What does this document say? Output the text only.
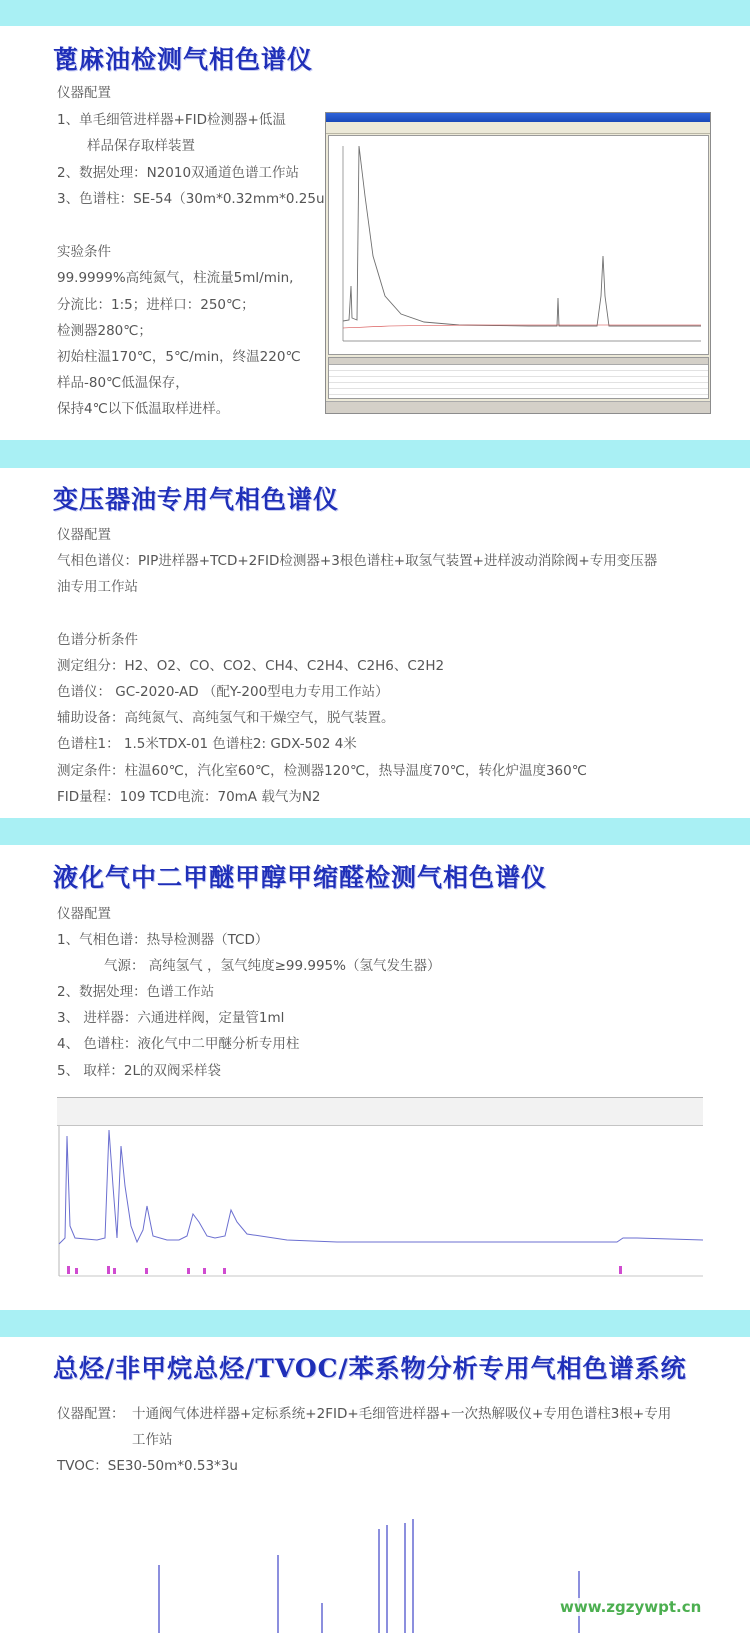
蓖麻油检测气相色谱仪
仪器配置
1、单毛细管进样器+FID检测器+低温
样品保存取样装置
2、数据处理：N2010双通道色谱工作站
3、色谱柱：SE-54（30m*0.32mm*0.25u
实验条件
99.9999%高纯氮气，柱流量5ml/min,
分流比：1:5；进样口：250℃；
检测器280℃；
初始柱温170℃，5℃/min，终温220℃
样品-80℃低温保存，
保持4℃以下低温取样进样。
变压器油专用气相色谱仪
仪器配置
气相色谱仪：PIP进样器+TCD+2FID检测器+3根色谱柱+取氢气装置+进样波动消除阀+专用变压器
油专用工作站
色谱分析条件
测定组分：H2、O2、CO、CO2、CH4、C2H4、C2H6、C2H2
色谱仪： GC-2020-AD （配Y-200型电力专用工作站）
辅助设备：高纯氮气、高纯氢气和干燥空气，脱气装置。
色谱柱1： 1.5米TDX-01 色谱柱2: GDX-502 4米
测定条件：柱温60℃，汽化室60℃，检测器120℃，热导温度70℃，转化炉温度360℃
FID量程：109 TCD电流：70mA 载气为N2
液化气中二甲醚甲醇甲缩醛检测气相色谱仪
仪器配置
1、气相色谱：热导检测器（TCD）
气源： 高纯氢气 ，氢气纯度≥99.995%（氢气发生器）
2、数据处理：色谱工作站
3、 进样器：六通进样阀，定量管1ml
4、 色谱柱：液化气中二甲醚分析专用柱
5、 取样：2L的双阀采样袋
总烃/非甲烷总烃/TVOC/苯系物分析专用气相色谱系统
仪器配置： 十通阀气体进样器+定标系统+2FID+毛细管进样器+一次热解吸仪+专用色谱柱3根+专用
工作站
TVOC：SE30-50m*0.53*3u
www.zgzywpt.cn
